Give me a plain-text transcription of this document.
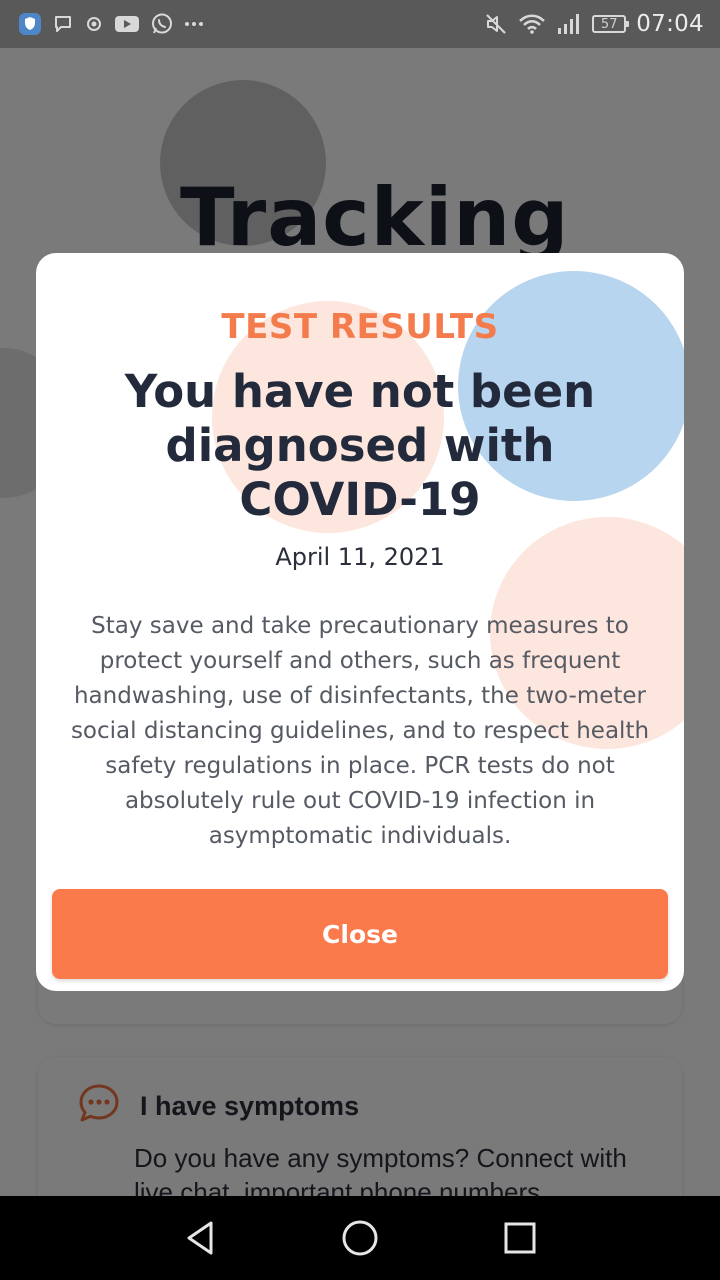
57 07:04
TEST RESULTS
You have not been diagnosed with COVID-19
April 11, 2021

Stay save and take precautionary measures to protect yourself and others, such as frequent handwashing, use of disinfectants, the two-meter social distancing guidelines, and to respect health safety regulations in place. PCR tests do not absolutely rule out COVID-19 infection in asymptomatic individuals.

Close
